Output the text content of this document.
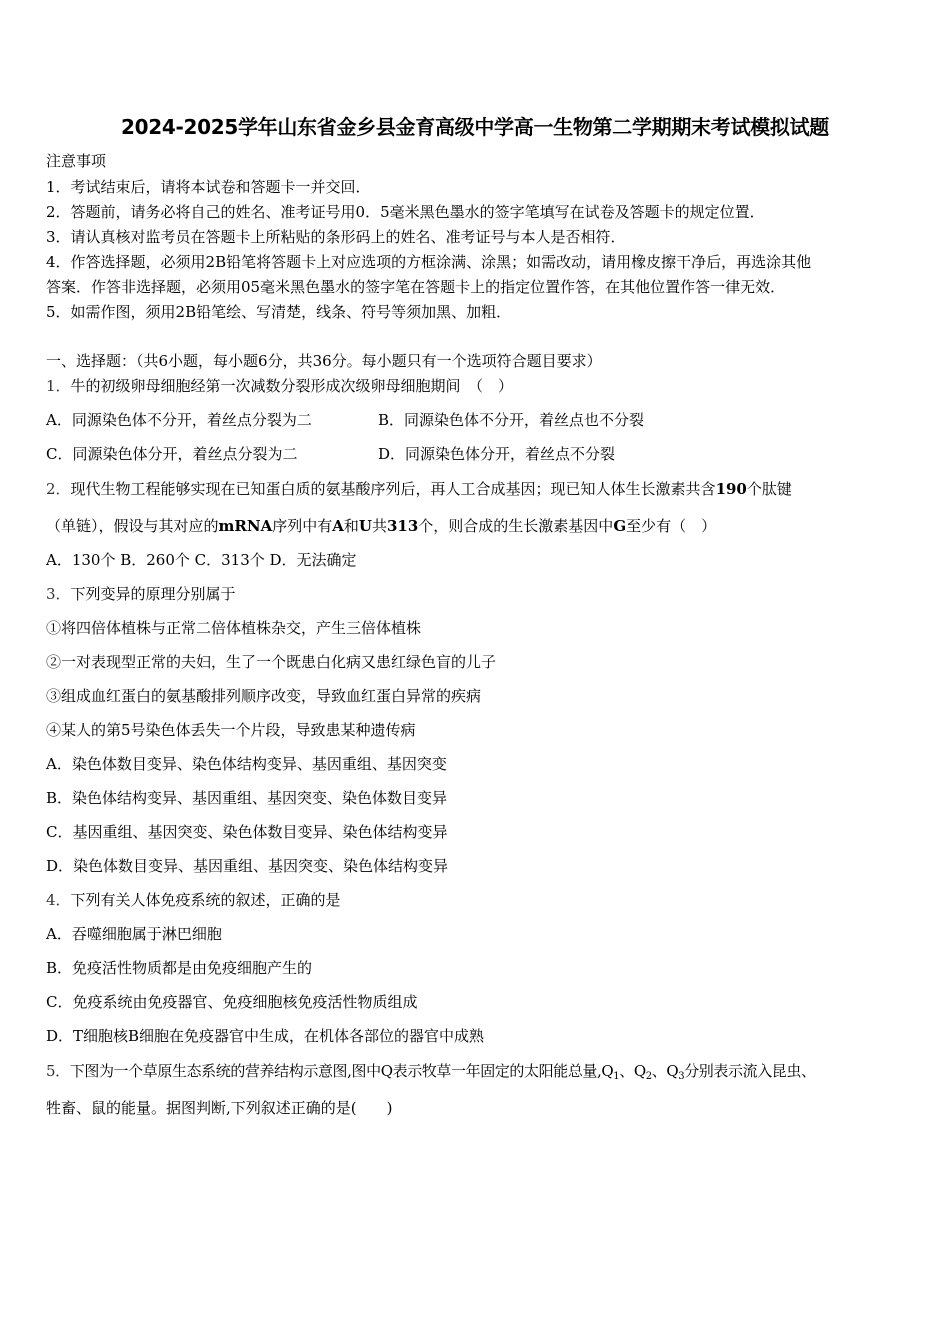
2024-2025学年山东省金乡县金育高级中学高一生物第二学期期末考试模拟试题
注意事项
1．考试结束后，请将本试卷和答题卡一并交回．
2．答题前，请务必将自己的姓名、准考证号用0．5毫米黑色墨水的签字笔填写在试卷及答题卡的规定位置．
3．请认真核对监考员在答题卡上所粘贴的条形码上的姓名、准考证号与本人是否相符．
4．作答选择题，必须用2B铅笔将答题卡上对应选项的方框涂满、涂黑；如需改动，请用橡皮擦干净后，再选涂其他
答案．作答非选择题，必须用05毫米黑色墨水的签字笔在答题卡上的指定位置作答，在其他位置作答一律无效．
5．如需作图，须用2B铅笔绘、写清楚，线条、符号等须加黑、加粗．
一、选择题：（共6小题，每小题6分，共36分。每小题只有一个选项符合题目要求）
1．牛的初级卵母细胞经第一次减数分裂形成次级卵母细胞期间　（　）
A．同源染色体不分开，着丝点分裂为二	B．同源染色体不分开，着丝点也不分裂
C．同源染色体分开，着丝点分裂为二	D．同源染色体分开，着丝点不分裂
2．现代生物工程能够实现在已知蛋白质的氨基酸序列后，再人工合成基因；现已知人体生长激素共含190个肽键
（单链），假设与其对应的mRNA序列中有A和U共313个，则合成的生长激素基因中G至少有（　）
A．130个 B．260个 C．313个 D．无法确定
3．下列变异的原理分别属于
①将四倍体植株与正常二倍体植株杂交，产生三倍体植株
②一对表现型正常的夫妇，生了一个既患白化病又患红绿色盲的儿子
③组成血红蛋白的氨基酸排列顺序改变，导致血红蛋白异常的疾病
④某人的第5号染色体丢失一个片段，导致患某种遗传病
A．染色体数目变异、染色体结构变异、基因重组、基因突变
B．染色体结构变异、基因重组、基因突变、染色体数目变异
C．基因重组、基因突变、染色体数目变异、染色体结构变异
D．染色体数目变异、基因重组、基因突变、染色体结构变异
4．下列有关人体免疫系统的叙述，正确的是
A．吞噬细胞属于淋巴细胞
B．免疫活性物质都是由免疫细胞产生的
C．免疫系统由免疫器官、免疫细胞核免疫活性物质组成
D．T细胞核B细胞在免疫器官中生成，在机体各部位的器官中成熟
5．下图为一个草原生态系统的营养结构示意图,图中Q表示牧草一年固定的太阳能总量$,Q_1$、$Q_2$、$Q_3$分别表示流入昆虫、
牲畜、鼠的能量。据图判断,下列叙述正确的是(　　)
